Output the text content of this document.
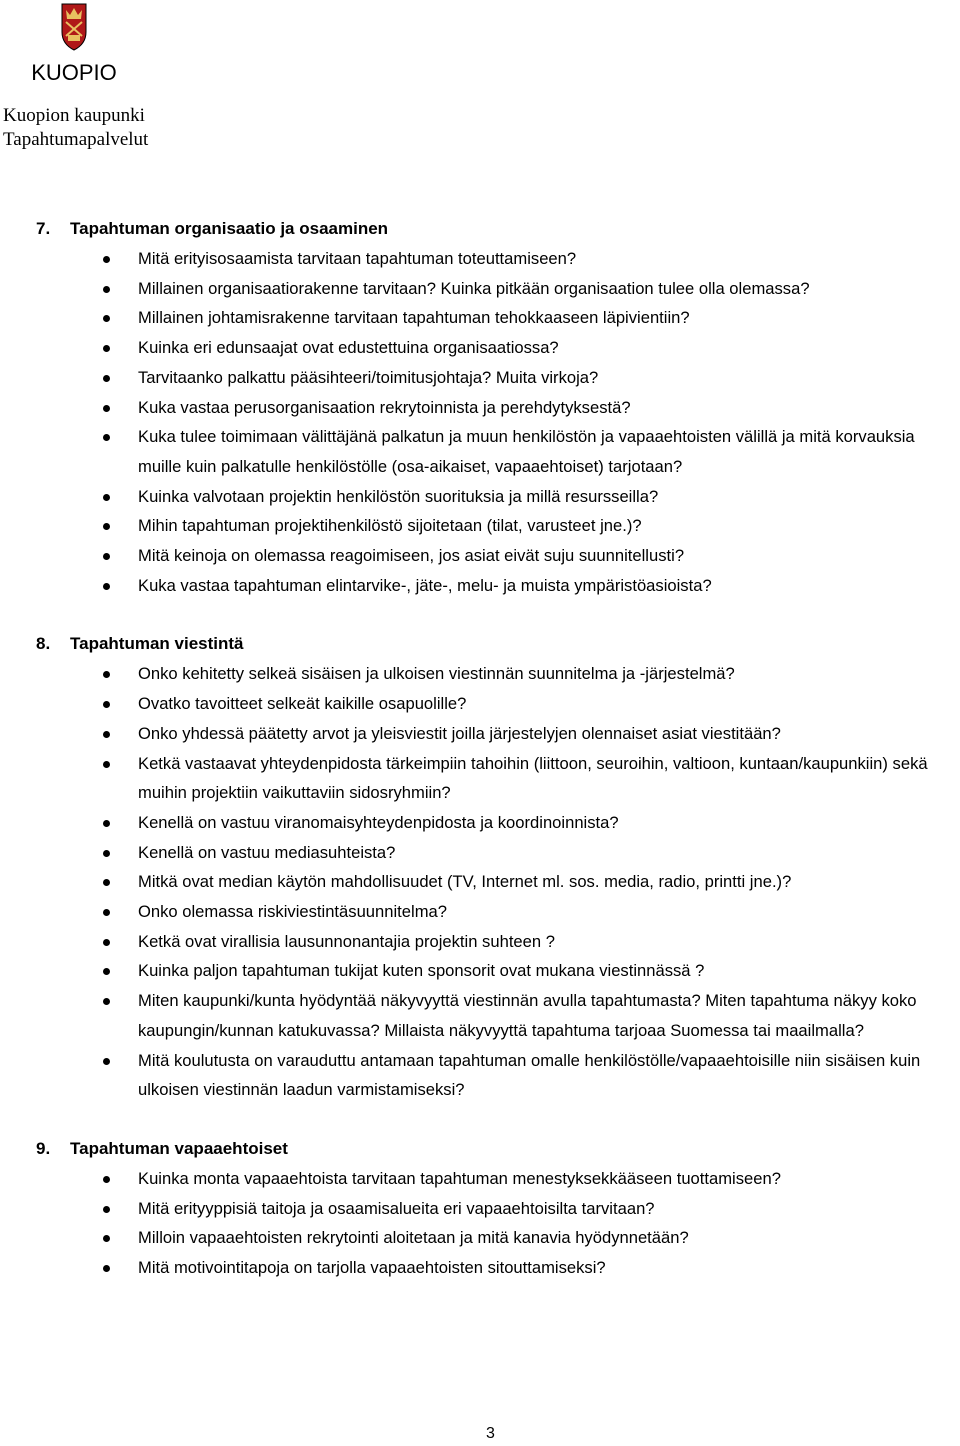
KUOPIO
Kuopion kaupunki
Tapahtumapalvelut
7. Tapahtuman organisaatio ja osaaminen
Mitä erityisosaamista tarvitaan tapahtuman toteuttamiseen?
Millainen organisaatiorakenne tarvitaan? Kuinka pitkään organisaation tulee olla olemassa?
Millainen johtamisrakenne tarvitaan tapahtuman tehokkaaseen läpivientiin?
Kuinka eri edunsaajat ovat edustettuina organisaatiossa?
Tarvitaanko palkattu pääsihteeri/toimitusjohtaja? Muita virkoja?
Kuka vastaa perusorganisaation rekrytoinnista ja perehdytyksestä?
Kuka tulee toimimaan välittäjänä palkatun ja muun henkilöstön ja vapaaehtoisten välillä ja mitä korvauksia muille kuin palkatulle henkilöstölle (osa-aikaiset, vapaaehtoiset) tarjotaan?
Kuinka valvotaan projektin henkilöstön suorituksia ja millä resursseilla?
Mihin tapahtuman projektihenkilöstö sijoitetaan (tilat, varusteet jne.)?
Mitä keinoja on olemassa reagoimiseen, jos asiat eivät suju suunnitellusti?
Kuka vastaa tapahtuman elintarvike-, jäte-, melu- ja muista ympäristöasioista?
8. Tapahtuman viestintä
Onko kehitetty selkeä sisäisen ja ulkoisen viestinnän suunnitelma ja -järjestelmä?
Ovatko tavoitteet selkeät kaikille osapuolille?
Onko yhdessä päätetty arvot ja yleisviestit joilla järjestelyjen olennaiset asiat viestitään?
Ketkä vastaavat yhteydenpidosta tärkeimpiin tahoihin (liittoon, seuroihin, valtioon, kuntaan/kaupunkiin) sekä muihin projektiin vaikuttaviin sidosryhmiin?
Kenellä on vastuu viranomaisyhteydenpidosta ja koordinoinnista?
Kenellä on vastuu mediasuhteista?
Mitkä ovat median käytön mahdollisuudet (TV, Internet ml. sos. media, radio, printti jne.)?
Onko olemassa riskiviestintäsuunnitelma?
Ketkä ovat virallisia lausunnonantajia projektin suhteen ?
Kuinka paljon tapahtuman tukijat kuten sponsorit ovat mukana viestinnässä ?
Miten kaupunki/kunta hyödyntää näkyvyyttä viestinnän avulla tapahtumasta? Miten tapahtuma näkyy koko kaupungin/kunnan katukuvassa? Millaista näkyvyyttä tapahtuma tarjoaa Suomessa tai maailmalla?
Mitä koulutusta on varauduttu antamaan tapahtuman omalle henkilöstölle/vapaaehtoisille niin sisäisen kuin ulkoisen viestinnän laadun varmistamiseksi?
9. Tapahtuman vapaaehtoiset
Kuinka monta vapaaehtoista tarvitaan tapahtuman menestyksekkääseen tuottamiseen?
Mitä erityyppisiä taitoja ja osaamisalueita eri vapaaehtoisilta tarvitaan?
Milloin vapaaehtoisten rekrytointi aloitetaan ja mitä kanavia hyödynnetään?
Mitä motivointitapoja on tarjolla vapaaehtoisten sitouttamiseksi?
3
